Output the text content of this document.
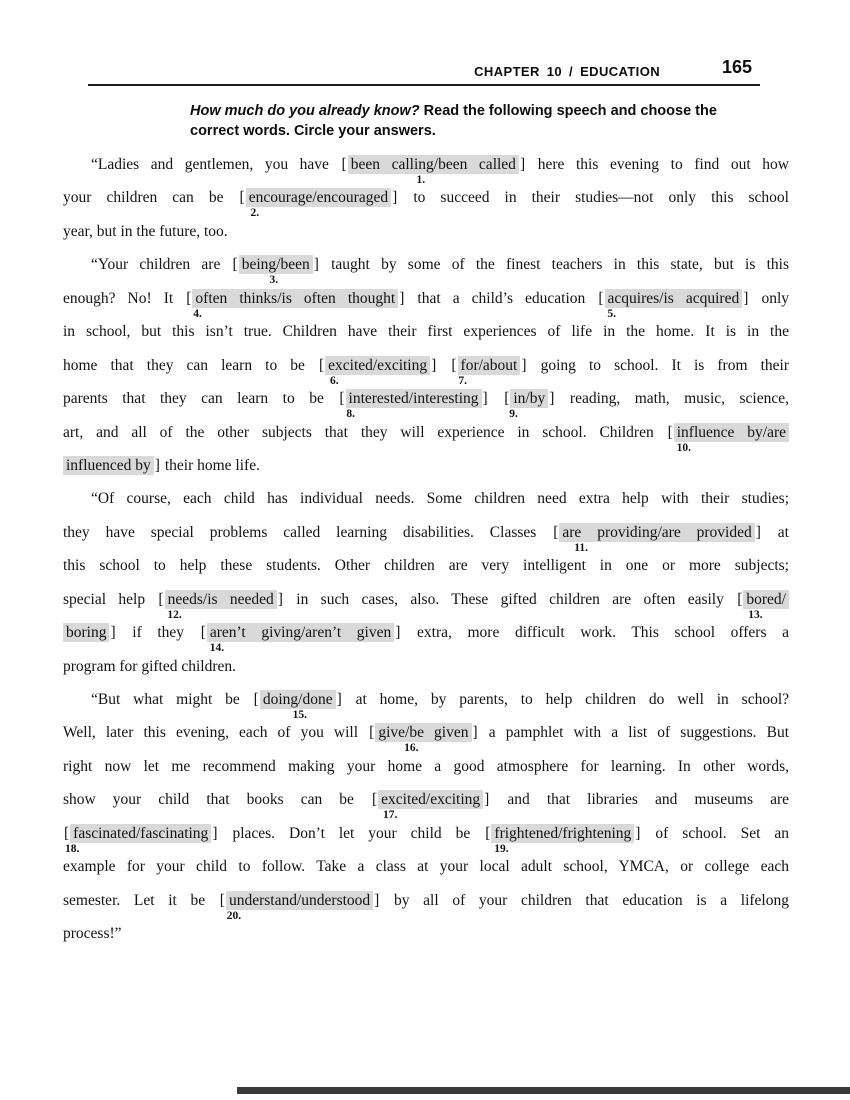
CHAPTER 10 / EDUCATION	165
How much do you already know? Read the following speech and choose the correct words. Circle your answers.
“Ladies and gentlemen, you have [ been calling/been called ]
1.
here this evening to find out how
your children can be [ encourage/encouraged ]
2.
to succeed in their studies—not only this school
year, but in the future, too.
“Your children are [ being/been ]
3.
taught by some of the finest teachers in this state, but is this
enough? No! It [ often thinks/is often thought ]
4.
that a child’s education [ acquires/is acquired ]
5.
only
in school, but this isn’t true. Children have their first experiences of life in the home. It is in the
home that they can learn to be [ excited/exciting ]
6.
[ for/about ]
7.
going to school. It is from their
parents that they can learn to be [ interested/interesting ]
8.
[ in/by ]
9.
reading, math, music, science,
art, and all of the other subjects that they will experience in school. Children [ influence by/are
10.
influenced by ] their home life.
“Of course, each child has individual needs. Some children need extra help with their studies;
they have special problems called learning disabilities. Classes [ are providing/are provided ]
11.
at
this school to help these students. Other children are very intelligent in one or more subjects;
special help [ needs/is needed ]
12.
in such cases, also. These gifted children are often easily [ bored/
13.
boring ] if they [ aren’t giving/aren’t given ]
14.
extra, more difficult work. This school offers a
program for gifted children.
“But what might be [ doing/done ]
15.
at home, by parents, to help children do well in school?
Well, later this evening, each of you will [ give/be given ]
16.
a pamphlet with a list of suggestions. But
right now let me recommend making your home a good atmosphere for learning. In other words,
show your child that books can be [ excited/exciting ]
17.
and that libraries and museums are
[ fascinated/fascinating ]
18.
places. Don’t let your child be [ frightened/frightening ]
19.
of school. Set an
example for your child to follow. Take a class at your local adult school, YMCA, or college each
semester. Let it be [ understand/understood ]
20.
by all of your children that education is a lifelong
process!”
